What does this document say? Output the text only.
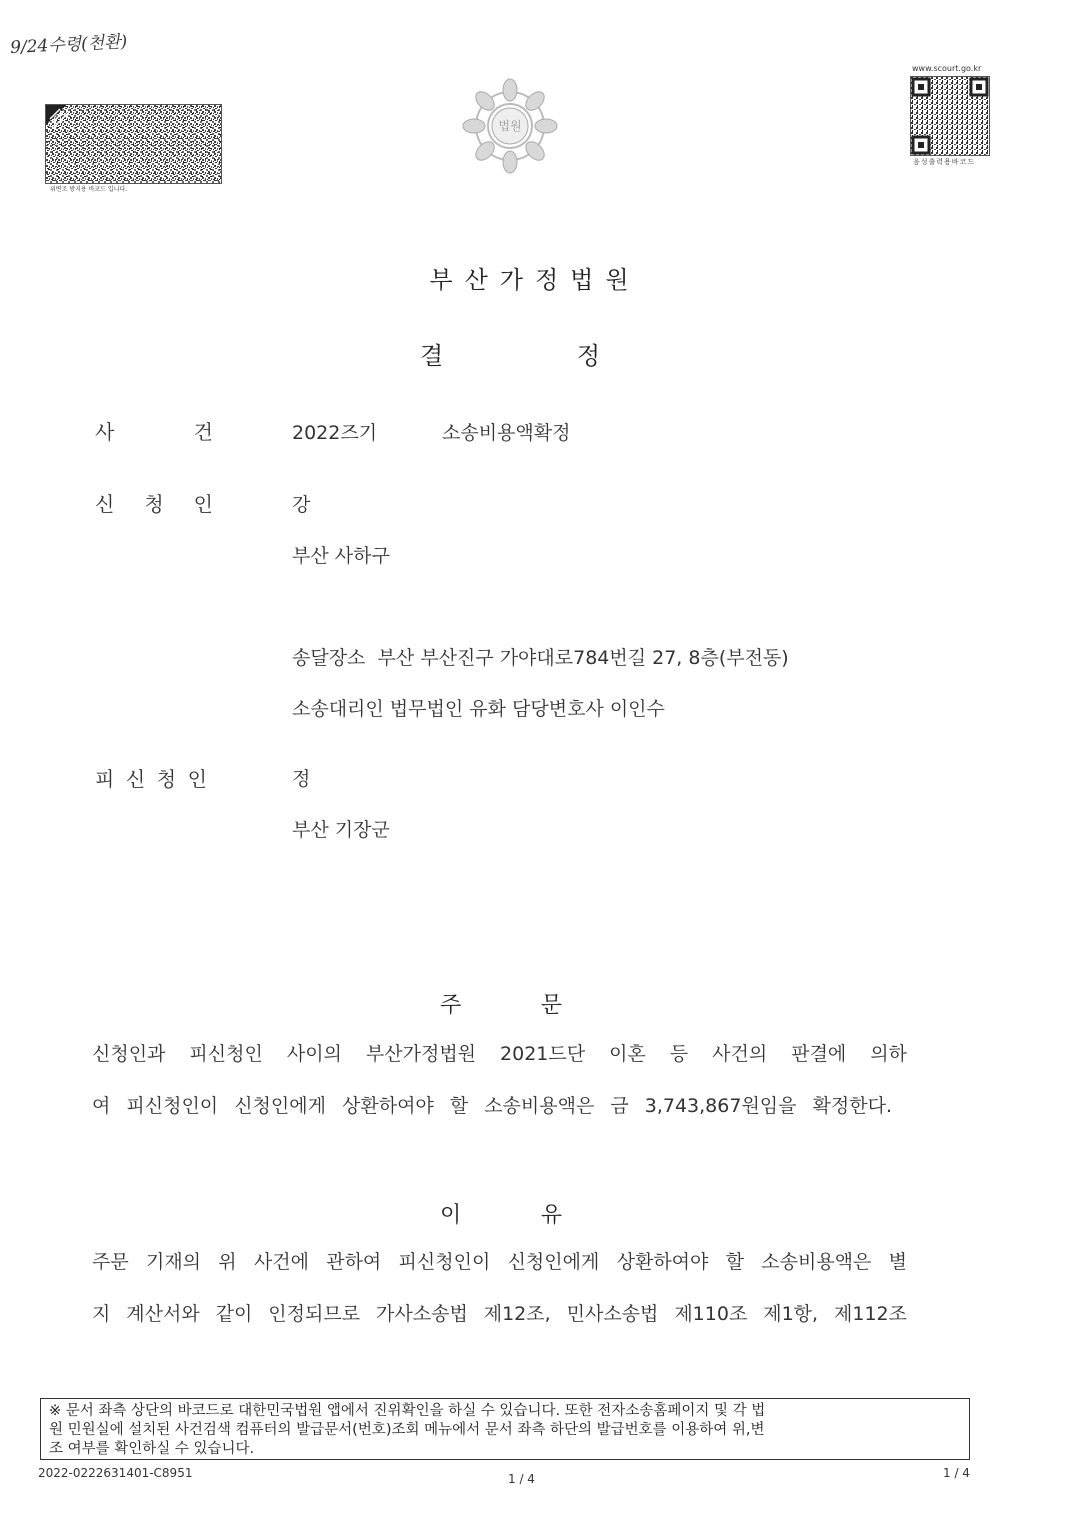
9/24수령(천환)
위변조 방지용 바코드 입니다.
법원
www.scourt.go.kr
음성출력용바코드
부산가정법원
결	정
사	건	2022즈기	소송비용액확정
신 청 인	강
부산 사하구
송달장소  부산 부산진구 가야대로784번길 27, 8층(부전동)
소송대리인 법무법인 유화 담당변호사 이인수
피 신 청 인	정
부산 기장군
주	문
신청인과 피신청인 사이의 부산가정법원 2021드단 이혼 등 사건의 판결에 의하
여 피신청인이 신청인에게 상환하여야 할 소송비용액은 금 3,743,867원임을 확정한다.
이	유
주문 기재의 위 사건에 관하여 피신청인이 신청인에게 상환하여야 할 소송비용액은 별
지 계산서와 같이 인정되므로 가사소송법 제12조, 민사소송법 제110조 제1항, 제112조
※ 문서 좌측 상단의 바코드로 대한민국법원 앱에서 진위확인을 하실 수 있습니다. 또한 전자소송홈페이지 및 각 법
원 민원실에 설치된 사건검색 컴퓨터의 발급문서(번호)조회 메뉴에서 문서 좌측 하단의 발급번호를 이용하여 위,변
조 여부를 확인하실 수 있습니다.
2022-0222631401-C8951	1 / 4	1 / 4
